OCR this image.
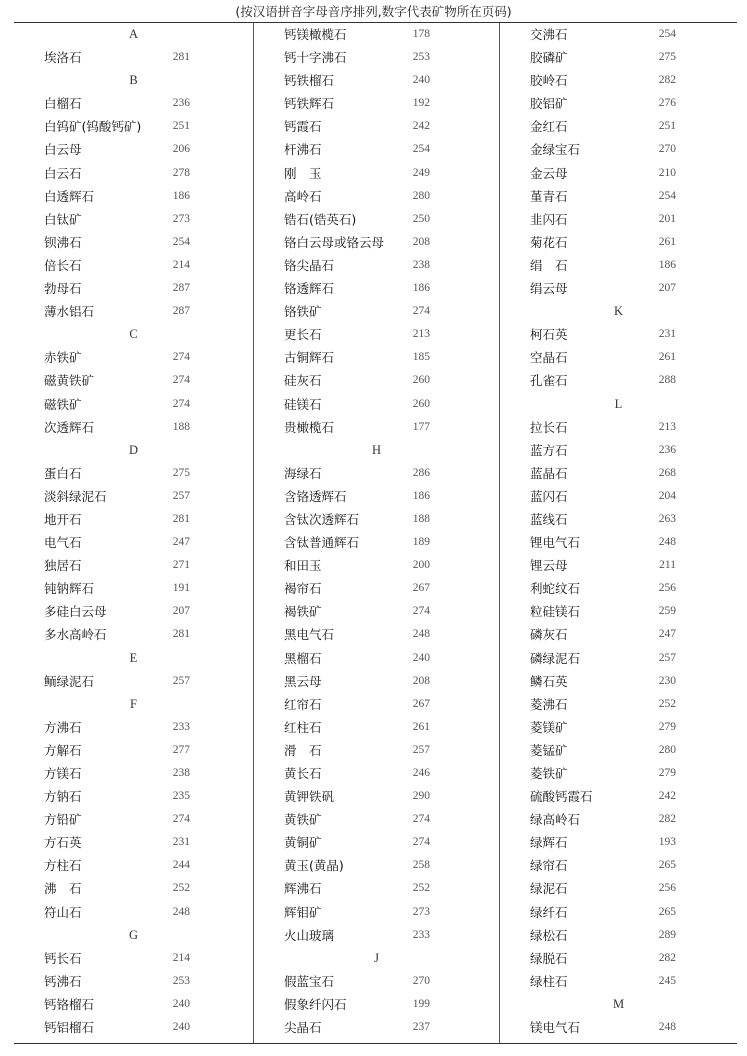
(按汉语拼音字母音序排列,数字代表矿物所在页码)
A
埃洛石	281
B
白榴石	236
白钨矿(钨酸钙矿)	251
白云母	206
白云石	278
白透辉石	186
白钛矿	273
钡沸石	254
倍长石	214
勃母石	287
薄水铝石	287
C
赤铁矿	274
磁黄铁矿	274
磁铁矿	274
次透辉石	188
D
蛋白石	275
淡斜绿泥石	257
地开石	281
电气石	247
独居石	271
钝钠辉石	191
多硅白云母	207
多水高岭石	281
E
鲕绿泥石	257
F
方沸石	233
方解石	277
方镁石	238
方钠石	235
方铅矿	274
方石英	231
方柱石	244
沸　石	252
符山石	248
G
钙长石	214
钙沸石	253
钙铬榴石	240
钙铝榴石	240
钙镁橄榄石	178
钙十字沸石	253
钙铁榴石	240
钙铁辉石	192
钙霞石	242
杆沸石	254
刚　玉	249
高岭石	280
锆石(锆英石)	250
铬白云母或铬云母	208
铬尖晶石	238
铬透辉石	186
铬铁矿	274
更长石	213
古铜辉石	185
硅灰石	260
硅镁石	260
贵橄榄石	177
H
海绿石	286
含铬透辉石	186
含钛次透辉石	188
含钛普通辉石	189
和田玉	200
褐帘石	267
褐铁矿	274
黑电气石	248
黑榴石	240
黑云母	208
红帘石	267
红柱石	261
滑　石	257
黄长石	246
黄钾铁矾	290
黄铁矿	274
黄铜矿	274
黄玉(黄晶)	258
辉沸石	252
辉钼矿	273
火山玻璃	233
J
假蓝宝石	270
假象纤闪石	199
尖晶石	237
交沸石	254
胶磷矿	275
胶岭石	282
胶铝矿	276
金红石	251
金绿宝石	270
金云母	210
堇青石	254
韭闪石	201
菊花石	261
绢　石	186
绢云母	207
K
柯石英	231
空晶石	261
孔雀石	288
L
拉长石	213
蓝方石	236
蓝晶石	268
蓝闪石	204
蓝线石	263
锂电气石	248
锂云母	211
利蛇纹石	256
粒硅镁石	259
磷灰石	247
磷绿泥石	257
鳞石英	230
菱沸石	252
菱镁矿	279
菱锰矿	280
菱铁矿	279
硫酸钙霞石	242
绿高岭石	282
绿辉石	193
绿帘石	265
绿泥石	256
绿纤石	265
绿松石	289
绿脱石	282
绿柱石	245
M
镁电气石	248
